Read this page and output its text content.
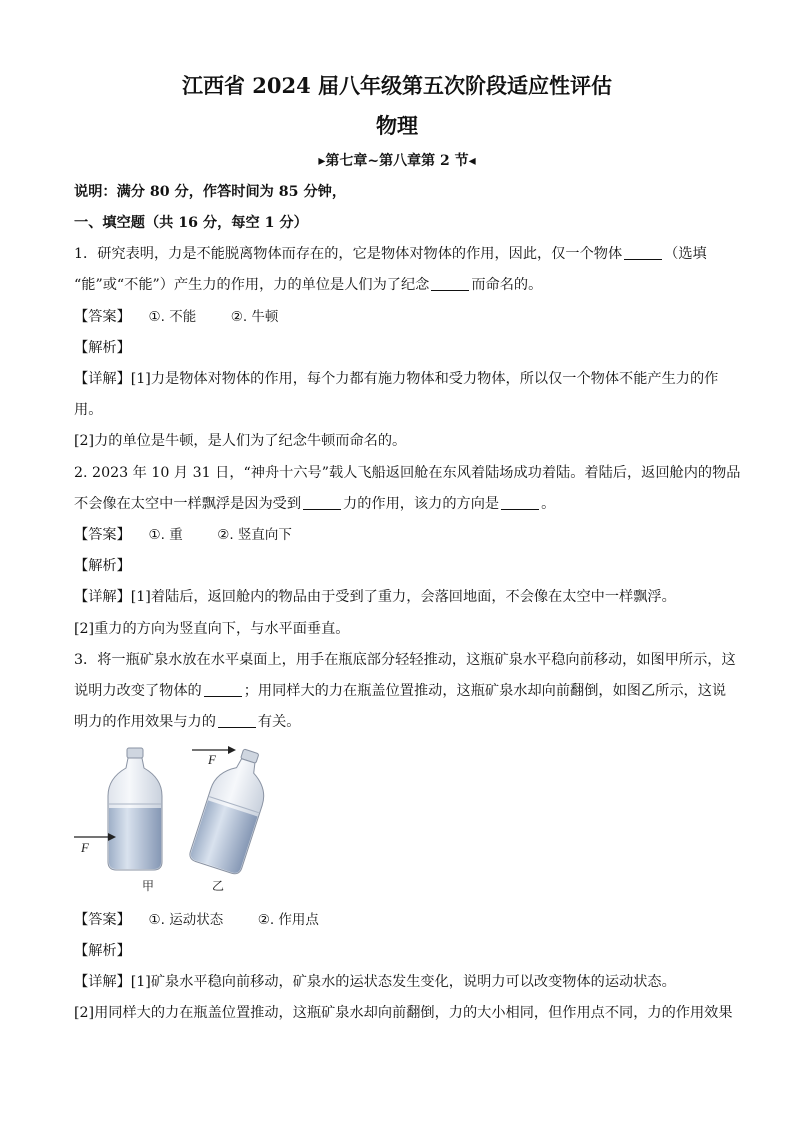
江西省 2024 届八年级第五次阶段适应性评估
物理
▸第七章~第八章第 2 节◂
说明：满分 80 分，作答时间为 85 分钟，
一、填空题（共 16 分，每空 1 分）
1．研究表明，力是不能脱离物体而存在的，它是物体对物体的作用，因此，仅一个物体	（选填
“能”或“不能”）产生力的作用，力的单位是人们为了纪念	而命名的。
【答案】 ①. 不能	②. 牛顿
【解析】
【详解】[1]力是物体对物体的作用，每个力都有施力物体和受力物体，所以仅一个物体不能产生力的作
用。
[2]力的单位是牛顿，是人们为了纪念牛顿而命名的。
2. 2023 年 10 月 31 日，“神舟十六号”载人飞船返回舱在东风着陆场成功着陆。着陆后，返回舱内的物品
不会像在太空中一样飘浮是因为受到	力的作用，该力的方向是	。
【答案】 ①. 重	②. 竖直向下
【解析】
【详解】[1]着陆后，返回舱内的物品由于受到了重力，会落回地面，不会像在太空中一样飘浮。
[2]重力的方向为竖直向下，与水平面垂直。
3．将一瓶矿泉水放在水平桌面上，用手在瓶底部分轻轻推动，这瓶矿泉水平稳向前移动，如图甲所示，这
说明力改变了物体的	；用同样大的力在瓶盖位置推动，这瓶矿泉水却向前翻倒，如图乙所示，这说
明力的作用效果与力的	有关。
F
F
甲	乙
【答案】 ①. 运动状态	②. 作用点
【解析】
【详解】[1]矿泉水平稳向前移动，矿泉水的运状态发生变化，说明力可以改变物体的运动状态。
[2]用同样大的力在瓶盖位置推动，这瓶矿泉水却向前翻倒，力的大小相同，但作用点不同，力的作用效果
